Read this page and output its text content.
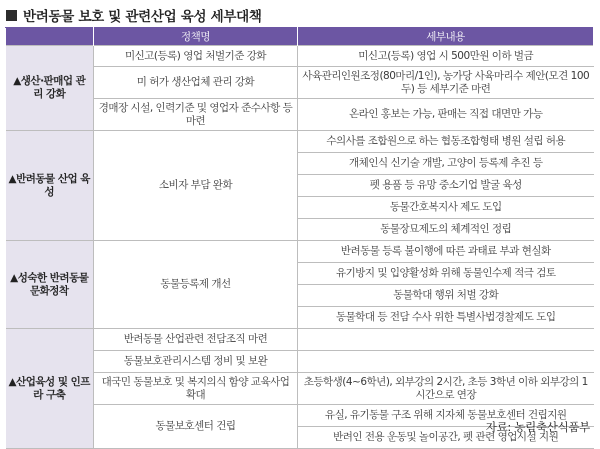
반려동물 보호 및 관련산업 육성 세부대책
	정책명	세부내용
▲생산·판매업 관리 강화	미신고(등록) 영업 처벌기준 강화	미신고(등록) 영업 시 500만원 이하 벌금
	미 허가 생산업체 관리 강화	사육관리인원조정(80마리/1인), 농가당 사육마리수 제안(모견 100두) 등 세부기준 마련
	경매장 시설, 인력기준 및 영업자 준수사항 등 마련	온라인 홍보는 가능, 판매는 직접 대면만 가능
▲반려동물 산업 육성	소비자 부담 완화	수의사를 조합원으로 하는 협동조합형태 병원 설립 허용
		개체인식 신기술 개발, 고양이 등록제 추진 등
		펫 용품 등 유망 중소기업 발굴 육성
		동물간호복지사 제도 도입
		동물장묘제도의 체계적인 정립
▲성숙한 반려동물 문화정착	동물등록제 개선	반려동물 등록 불이행에 따른 과태료 부과 현실화
		유기방지 및 입양활성화 위해 동물인수제 적극 검토
		동물학대 행위 처벌 강화
		동물학대 등 전담 수사 위한 특별사법경찰제도 도입
▲산업육성 및 인프라 구축	반려동물 산업관련 전담조직 마련	
	동물보호관리시스템 정비 및 보완	
	대국민 동물보호 및 복지의식 함양 교육사업 확대	초등학생(4~6학년), 외부강의 2시간, 초등 3학년 이하 외부강의 1시간으로 연장
	동물보호센터 건립	유실, 유기동물 구조 위해 지자체 동물보호센터 건립지원
		반려인 전용 운동및 놀이공간, 펫 관련 영업시설 지원
자료: 농림축산식품부
